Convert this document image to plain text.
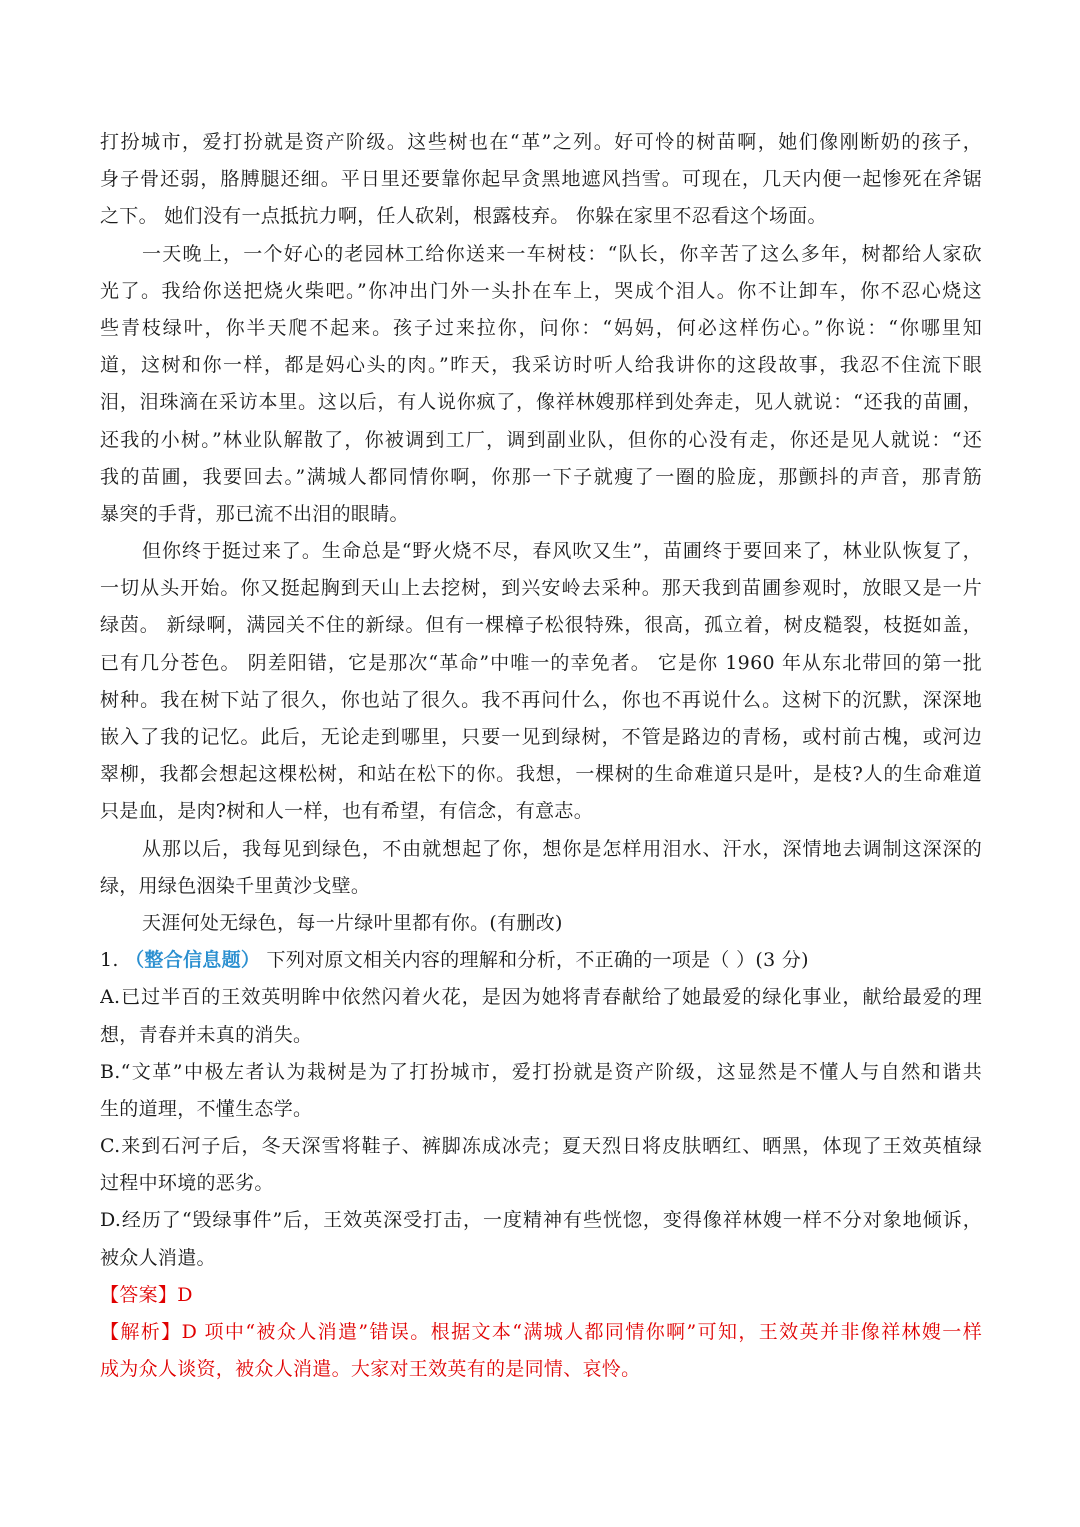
打扮城市，爱打扮就是资产阶级。这些树也在“革”之列。好可怜的树苗啊，她们像刚断奶的孩子，
身子骨还弱，胳膊腿还细。平日里还要靠你起早贪黑地遮风挡雪。可现在，几天内便一起惨死在斧锯
之下。 她们没有一点抵抗力啊，任人砍剁，根露枝弃。 你躲在家里不忍看这个场面。
一天晚上，一个好心的老园林工给你送来一车树枝：“队长，你辛苦了这么多年，树都给人家砍
光了。我给你送把烧火柴吧。”你冲出门外一头扑在车上，哭成个泪人。你不让卸车，你不忍心烧这
些青枝绿叶，你半天爬不起来。孩子过来拉你，问你：“妈妈，何必这样伤心。”你说：“你哪里知
道，这树和你一样，都是妈心头的肉。”昨天，我采访时听人给我讲你的这段故事，我忍不住流下眼
泪，泪珠滴在采访本里。这以后，有人说你疯了，像祥林嫂那样到处奔走，见人就说：“还我的苗圃，
还我的小树。”林业队解散了，你被调到工厂，调到副业队，但你的心没有走，你还是见人就说：“还
我的苗圃，我要回去。”满城人都同情你啊，你那一下子就瘦了一圈的脸庞，那颤抖的声音，那青筋
暴突的手背，那已流不出泪的眼睛。
但你终于挺过来了。生命总是“野火烧不尽，春风吹又生”，苗圃终于要回来了，林业队恢复了，
一切从头开始。你又挺起胸到天山上去挖树，到兴安岭去采种。那天我到苗圃参观时，放眼又是一片
绿茵。 新绿啊，满园关不住的新绿。但有一棵樟子松很特殊，很高，孤立着，树皮糙裂，枝挺如盖，
已有几分苍色。 阴差阳错，它是那次“革命”中唯一的幸免者。 它是你 1960 年从东北带回的第一批
树种。我在树下站了很久，你也站了很久。我不再问什么，你也不再说什么。这树下的沉默，深深地
嵌入了我的记忆。此后，无论走到哪里，只要一见到绿树，不管是路边的青杨，或村前古槐，或河边
翠柳，我都会想起这棵松树，和站在松下的你。我想，一棵树的生命难道只是叶，是枝?人的生命难道
只是血，是肉?树和人一样，也有希望，有信念，有意志。
从那以后，我每见到绿色，不由就想起了你，想你是怎样用泪水、汗水，深情地去调制这深深的
绿，用绿色洇染千里黄沙戈壁。
天涯何处无绿色，每一片绿叶里都有你。(有删改)
1. （整合信息题） 下列对原文相关内容的理解和分析，不正确的一项是（ ）(3 分)
A.已过半百的王效英明眸中依然闪着火花，是因为她将青春献给了她最爱的绿化事业，献给最爱的理
想，青春并未真的消失。
B.“文革”中极左者认为栽树是为了打扮城市，爱打扮就是资产阶级，这显然是不懂人与自然和谐共
生的道理，不懂生态学。
C.来到石河子后，冬天深雪将鞋子、裤脚冻成冰壳；夏天烈日将皮肤晒红、晒黑，体现了王效英植绿
过程中环境的恶劣。
D.经历了“毁绿事件”后，王效英深受打击，一度精神有些恍惚，变得像祥林嫂一样不分对象地倾诉，
被众人消遣。
【答案】D
【解析】D 项中“被众人消遣”错误。根据文本“满城人都同情你啊”可知，王效英并非像祥林嫂一样
成为众人谈资，被众人消遣。大家对王效英有的是同情、哀怜。
